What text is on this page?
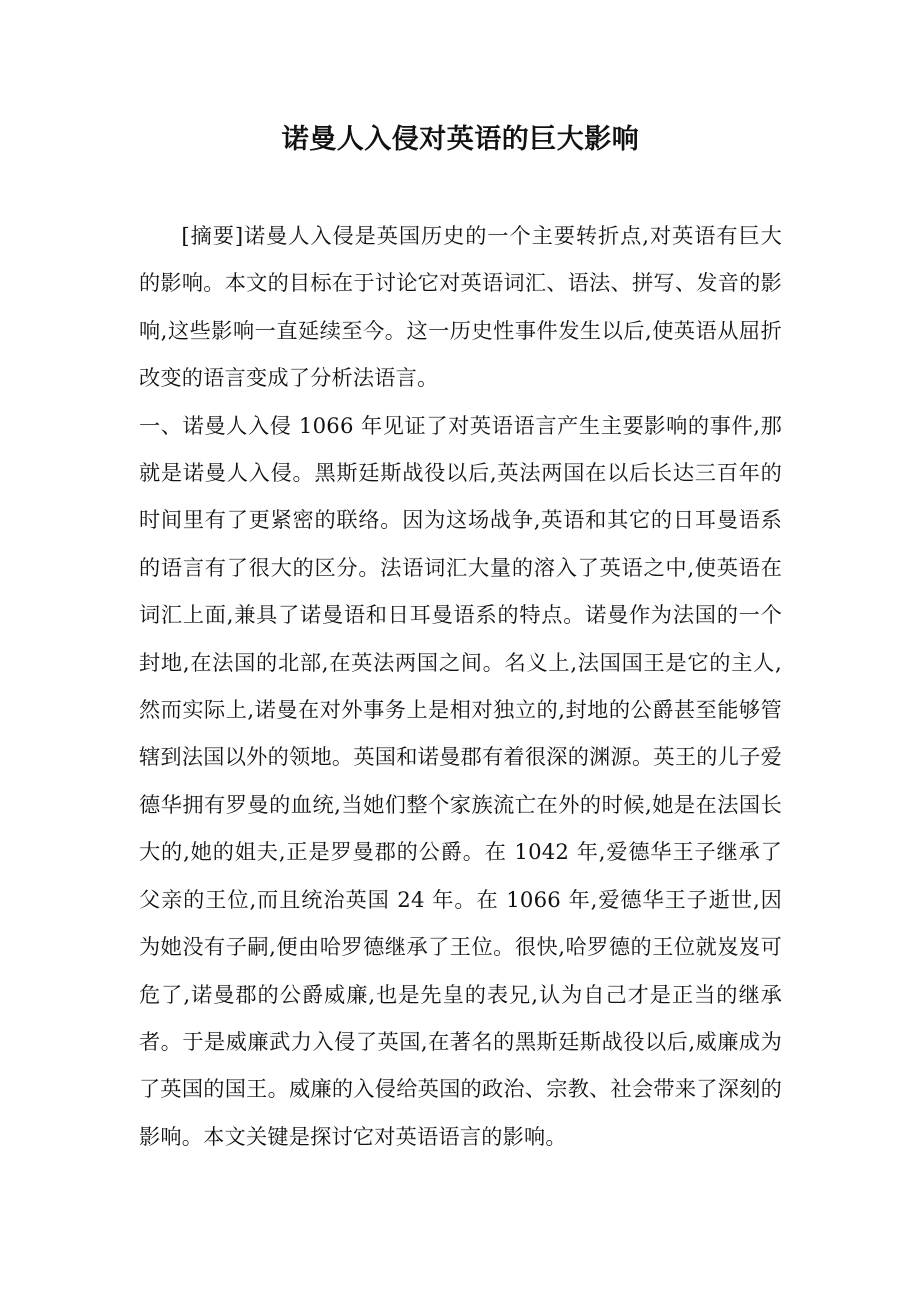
诺曼人入侵对英语的巨大影响

[摘要]诺曼人入侵是英国历史的一个主要转折点,对英语有巨大的影响。本文的目标在于讨论它对英语词汇、语法、拼写、发音的影响,这些影响一直延续至今。这一历史性事件发生以后,使英语从屈折改变的语言变成了分析法语言。

一、诺曼人入侵 1066 年见证了对英语语言产生主要影响的事件,那就是诺曼人入侵。黑斯廷斯战役以后,英法两国在以后长达三百年的时间里有了更紧密的联络。因为这场战争,英语和其它的日耳曼语系的语言有了很大的区分。法语词汇大量的溶入了英语之中,使英语在词汇上面,兼具了诺曼语和日耳曼语系的特点。诺曼作为法国的一个封地,在法国的北部,在英法两国之间。名义上,法国国王是它的主人,然而实际上,诺曼在对外事务上是相对独立的,封地的公爵甚至能够管辖到法国以外的领地。英国和诺曼郡有着很深的渊源。英王的儿子爱德华拥有罗曼的血统,当她们整个家族流亡在外的时候,她是在法国长大的,她的姐夫,正是罗曼郡的公爵。在 1042 年,爱德华王子继承了父亲的王位,而且统治英国 24 年。在 1066 年,爱德华王子逝世,因为她没有子嗣,便由哈罗德继承了王位。很快,哈罗德的王位就岌岌可危了,诺曼郡的公爵威廉,也是先皇的表兄,认为自己才是正当的继承者。于是威廉武力入侵了英国,在著名的黑斯廷斯战役以后,威廉成为了英国的国王。威廉的入侵给英国的政治、宗教、社会带来了深刻的影响。本文关键是探讨它对英语语言的影响。
